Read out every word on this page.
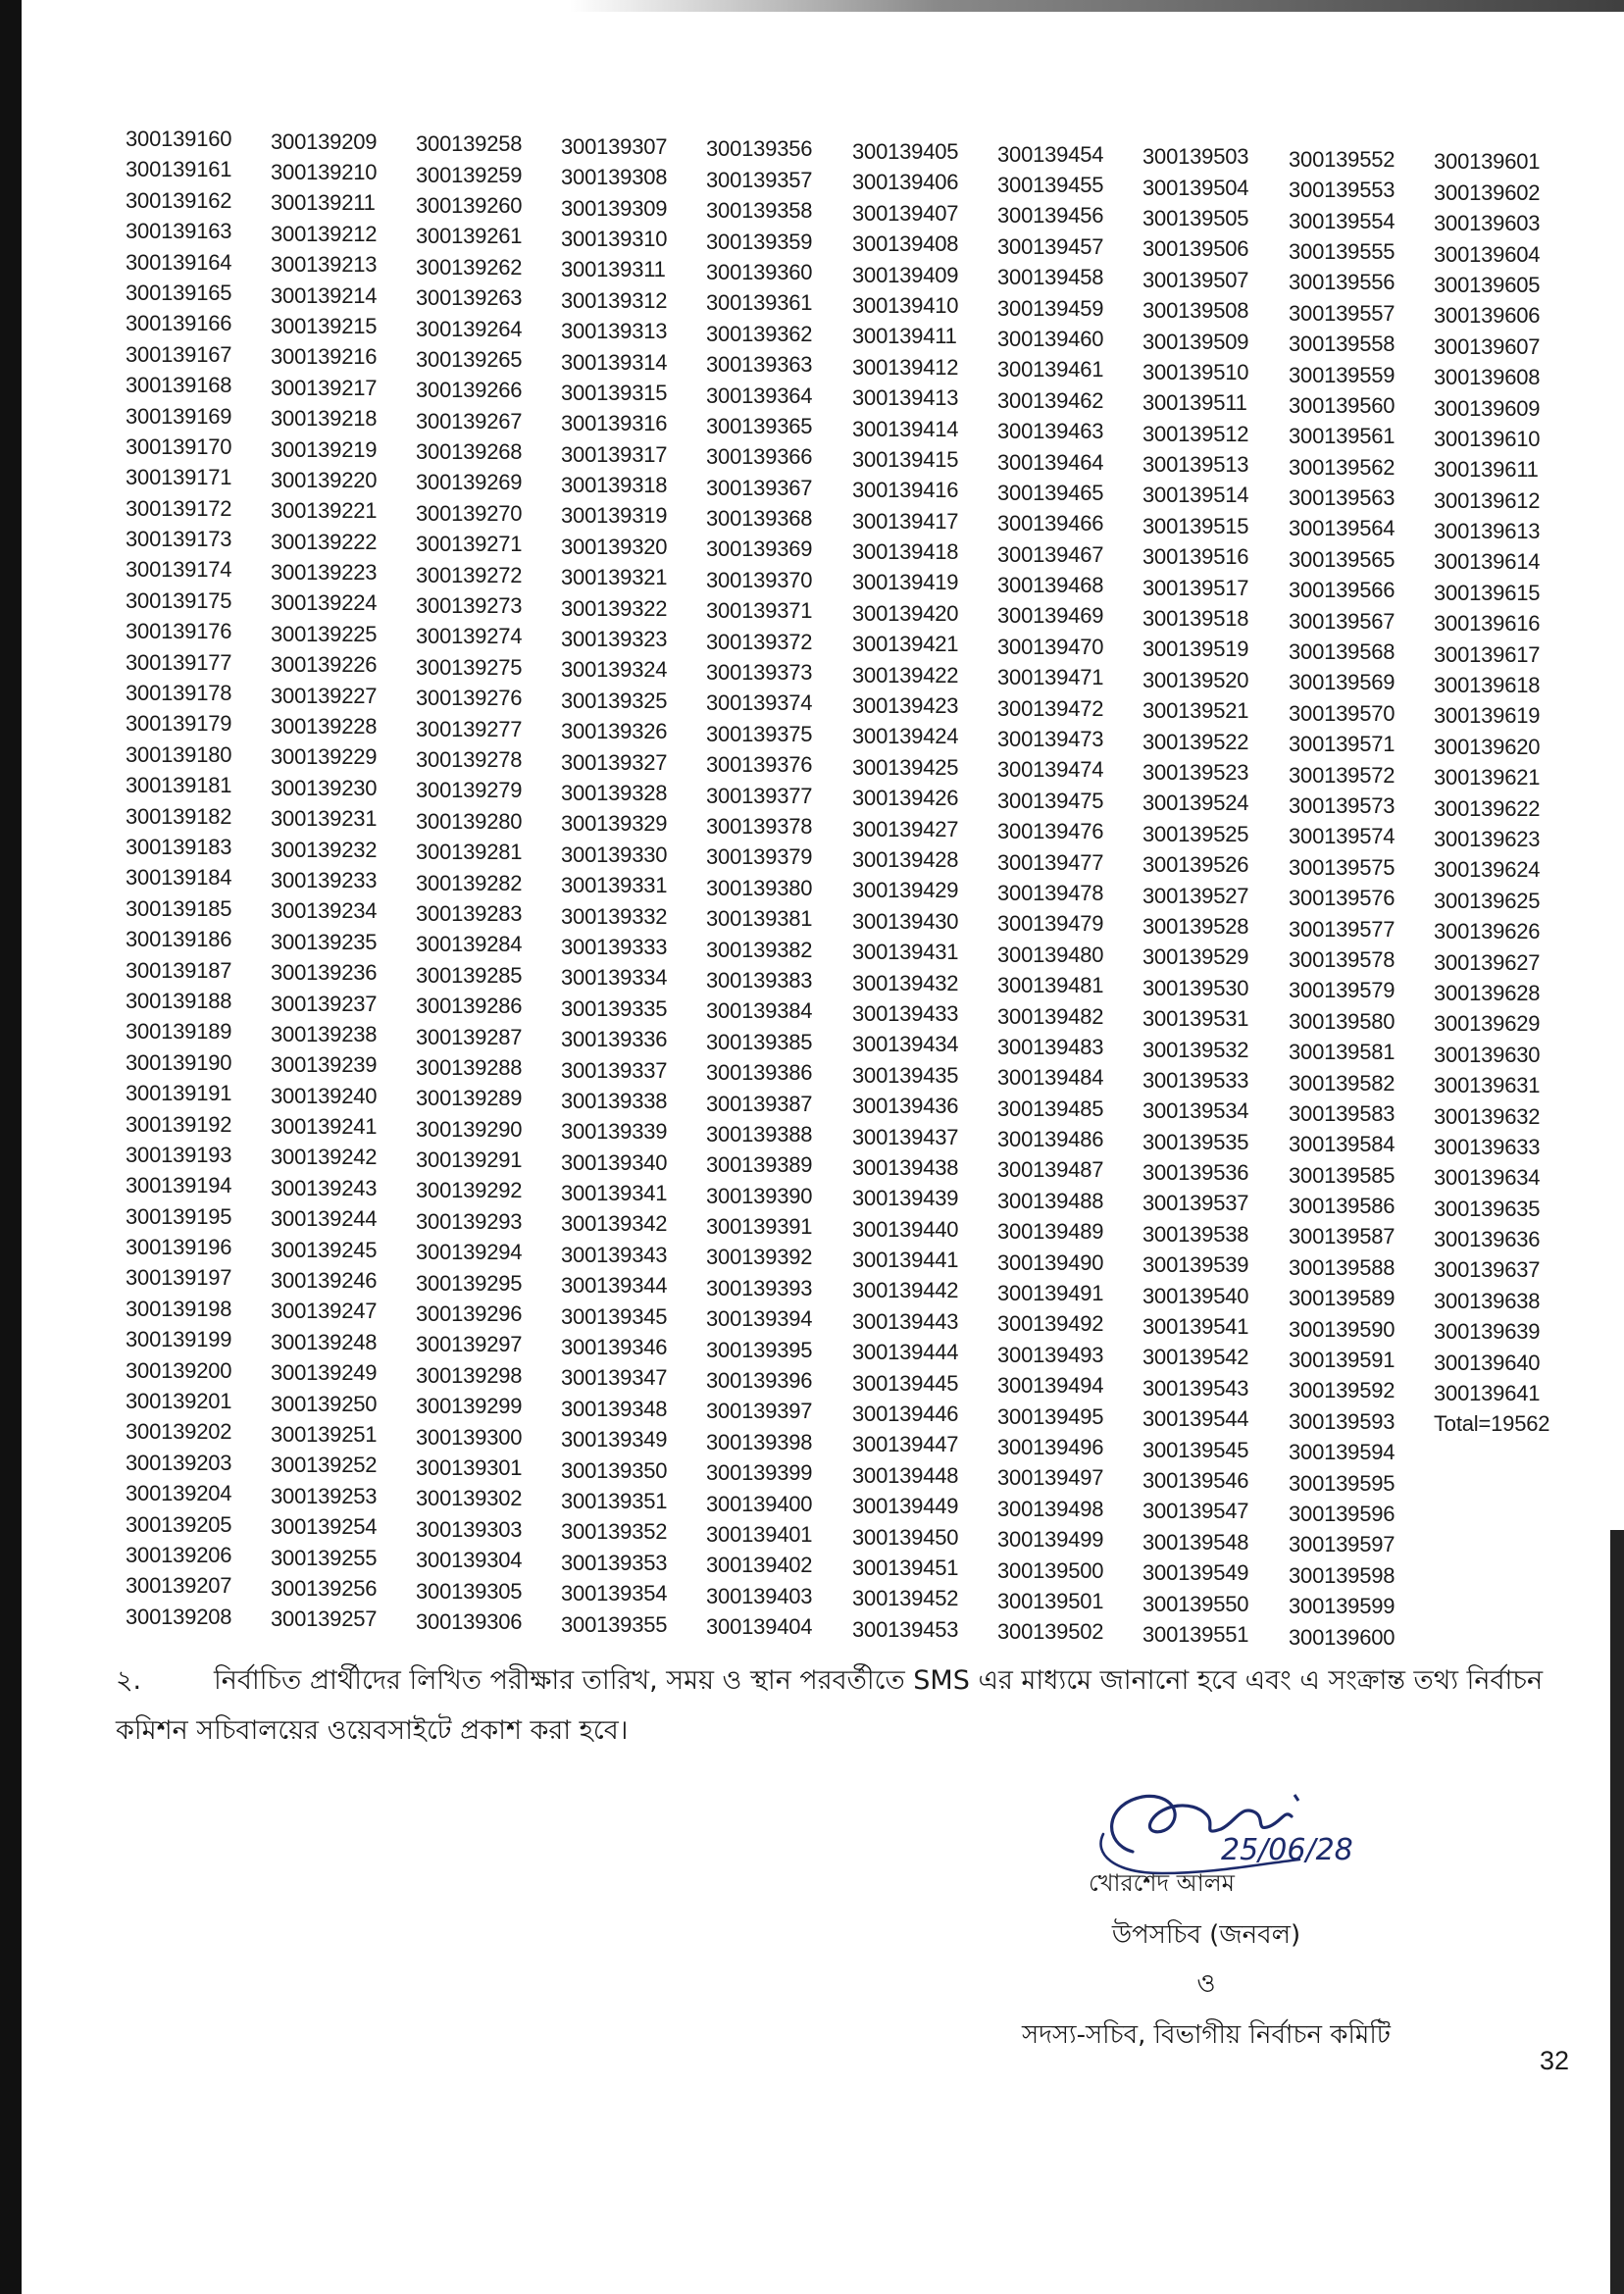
300139160
300139161
300139162
300139163
300139164
300139165
300139166
300139167
300139168
300139169
300139170
300139171
300139172
300139173
300139174
300139175
300139176
300139177
300139178
300139179
300139180
300139181
300139182
300139183
300139184
300139185
300139186
300139187
300139188
300139189
300139190
300139191
300139192
300139193
300139194
300139195
300139196
300139197
300139198
300139199
300139200
300139201
300139202
300139203
300139204
300139205
300139206
300139207
300139208
300139209
300139210
300139211
300139212
300139213
300139214
300139215
300139216
300139217
300139218
300139219
300139220
300139221
300139222
300139223
300139224
300139225
300139226
300139227
300139228
300139229
300139230
300139231
300139232
300139233
300139234
300139235
300139236
300139237
300139238
300139239
300139240
300139241
300139242
300139243
300139244
300139245
300139246
300139247
300139248
300139249
300139250
300139251
300139252
300139253
300139254
300139255
300139256
300139257
300139258
300139259
300139260
300139261
300139262
300139263
300139264
300139265
300139266
300139267
300139268
300139269
300139270
300139271
300139272
300139273
300139274
300139275
300139276
300139277
300139278
300139279
300139280
300139281
300139282
300139283
300139284
300139285
300139286
300139287
300139288
300139289
300139290
300139291
300139292
300139293
300139294
300139295
300139296
300139297
300139298
300139299
300139300
300139301
300139302
300139303
300139304
300139305
300139306
300139307
300139308
300139309
300139310
300139311
300139312
300139313
300139314
300139315
300139316
300139317
300139318
300139319
300139320
300139321
300139322
300139323
300139324
300139325
300139326
300139327
300139328
300139329
300139330
300139331
300139332
300139333
300139334
300139335
300139336
300139337
300139338
300139339
300139340
300139341
300139342
300139343
300139344
300139345
300139346
300139347
300139348
300139349
300139350
300139351
300139352
300139353
300139354
300139355
300139356
300139357
300139358
300139359
300139360
300139361
300139362
300139363
300139364
300139365
300139366
300139367
300139368
300139369
300139370
300139371
300139372
300139373
300139374
300139375
300139376
300139377
300139378
300139379
300139380
300139381
300139382
300139383
300139384
300139385
300139386
300139387
300139388
300139389
300139390
300139391
300139392
300139393
300139394
300139395
300139396
300139397
300139398
300139399
300139400
300139401
300139402
300139403
300139404
300139405
300139406
300139407
300139408
300139409
300139410
300139411
300139412
300139413
300139414
300139415
300139416
300139417
300139418
300139419
300139420
300139421
300139422
300139423
300139424
300139425
300139426
300139427
300139428
300139429
300139430
300139431
300139432
300139433
300139434
300139435
300139436
300139437
300139438
300139439
300139440
300139441
300139442
300139443
300139444
300139445
300139446
300139447
300139448
300139449
300139450
300139451
300139452
300139453
300139454
300139455
300139456
300139457
300139458
300139459
300139460
300139461
300139462
300139463
300139464
300139465
300139466
300139467
300139468
300139469
300139470
300139471
300139472
300139473
300139474
300139475
300139476
300139477
300139478
300139479
300139480
300139481
300139482
300139483
300139484
300139485
300139486
300139487
300139488
300139489
300139490
300139491
300139492
300139493
300139494
300139495
300139496
300139497
300139498
300139499
300139500
300139501
300139502
300139503
300139504
300139505
300139506
300139507
300139508
300139509
300139510
300139511
300139512
300139513
300139514
300139515
300139516
300139517
300139518
300139519
300139520
300139521
300139522
300139523
300139524
300139525
300139526
300139527
300139528
300139529
300139530
300139531
300139532
300139533
300139534
300139535
300139536
300139537
300139538
300139539
300139540
300139541
300139542
300139543
300139544
300139545
300139546
300139547
300139548
300139549
300139550
300139551
300139552
300139553
300139554
300139555
300139556
300139557
300139558
300139559
300139560
300139561
300139562
300139563
300139564
300139565
300139566
300139567
300139568
300139569
300139570
300139571
300139572
300139573
300139574
300139575
300139576
300139577
300139578
300139579
300139580
300139581
300139582
300139583
300139584
300139585
300139586
300139587
300139588
300139589
300139590
300139591
300139592
300139593
300139594
300139595
300139596
300139597
300139598
300139599
300139600
300139601
300139602
300139603
300139604
300139605
300139606
300139607
300139608
300139609
300139610
300139611
300139612
300139613
300139614
300139615
300139616
300139617
300139618
300139619
300139620
300139621
300139622
300139623
300139624
300139625
300139626
300139627
300139628
300139629
300139630
300139631
300139632
300139633
300139634
300139635
300139636
300139637
300139638
300139639
300139640
300139641
Total=19562
২.	নির্বাচিত প্রার্থীদের লিখিত পরীক্ষার তারিখ, সময় ও স্থান পরবর্তীতে SMS এর মাধ্যমে জানানো হবে এবং এ সংক্রান্ত তথ্য নির্বাচন কমিশন সচিবালয়ের ওয়েবসাইটে প্রকাশ করা হবে।

25/06/28
খোরশেদ আলম
উপসচিব (জনবল)
ও
সদস্য-সচিব, বিভাগীয় নির্বাচন কমিটি
32
